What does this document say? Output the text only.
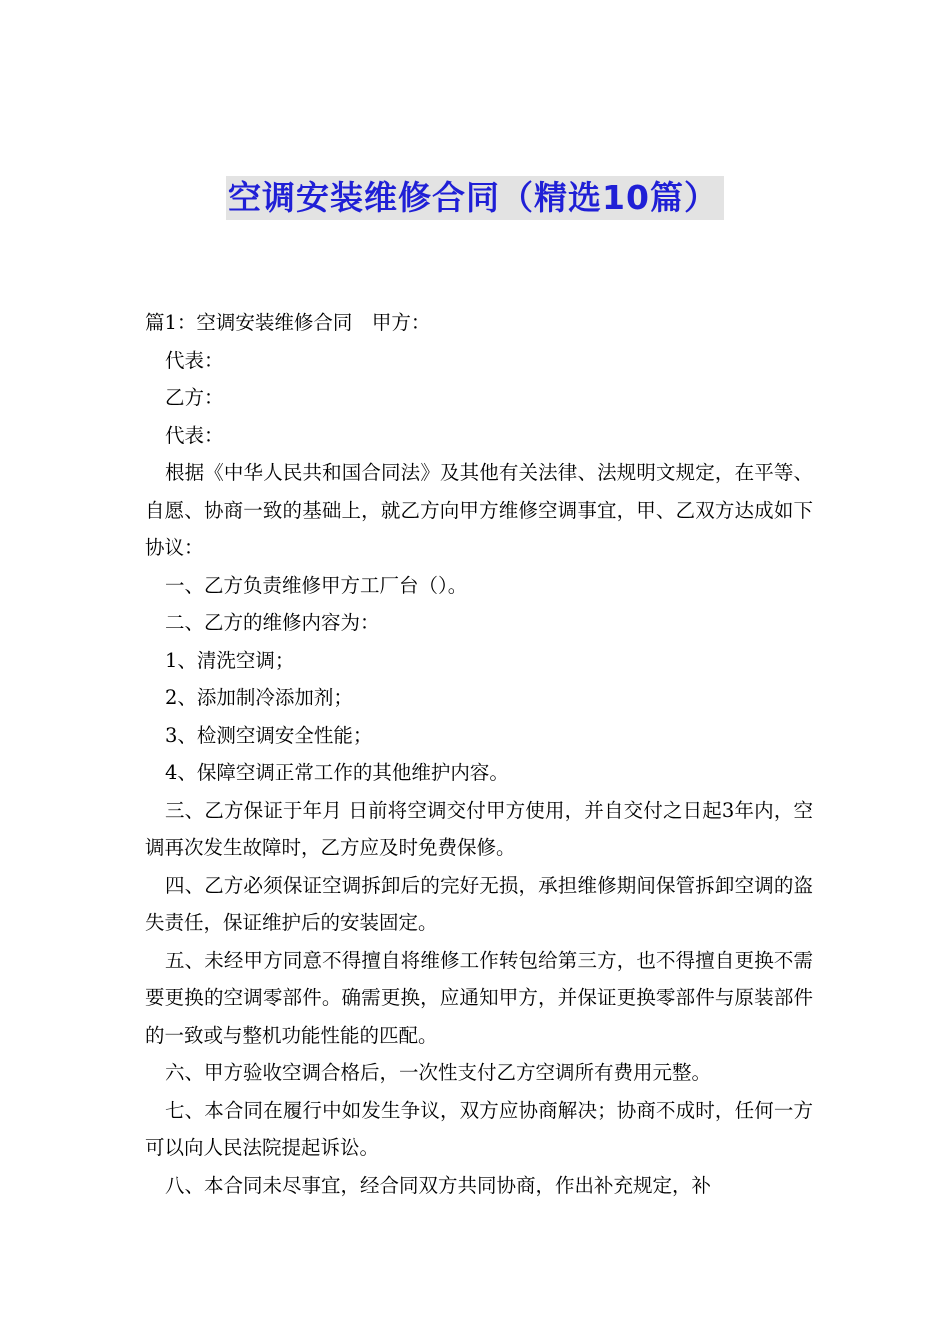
空调安装维修合同（精选10篇）

篇1：空调安装维修合同　甲方：

代表：

乙方：

代表：

根据《中华人民共和国合同法》及其他有关法律、法规明文规定，在平等、自愿、协商一致的基础上，就乙方向甲方维修空调事宜，甲、乙双方达成如下协议：

一、乙方负责维修甲方工厂台（）。

二、乙方的维修内容为：

1、清洗空调；

2、添加制冷添加剂；

3、检测空调安全性能；

4、保障空调正常工作的其他维护内容。

三、乙方保证于年月 日前将空调交付甲方使用，并自交付之日起3年内，空调再次发生故障时，乙方应及时免费保修。

四、乙方必须保证空调拆卸后的完好无损，承担维修期间保管拆卸空调的盗失责任，保证维护后的安装固定。

五、未经甲方同意不得擅自将维修工作转包给第三方，也不得擅自更换不需要更换的空调零部件。确需更换，应通知甲方，并保证更换零部件与原装部件的一致或与整机功能性能的匹配。

六、甲方验收空调合格后，一次性支付乙方空调所有费用元整。

七、本合同在履行中如发生争议，双方应协商解决；协商不成时，任何一方可以向人民法院提起诉讼。

八、本合同未尽事宜，经合同双方共同协商，作出补充规定，补
